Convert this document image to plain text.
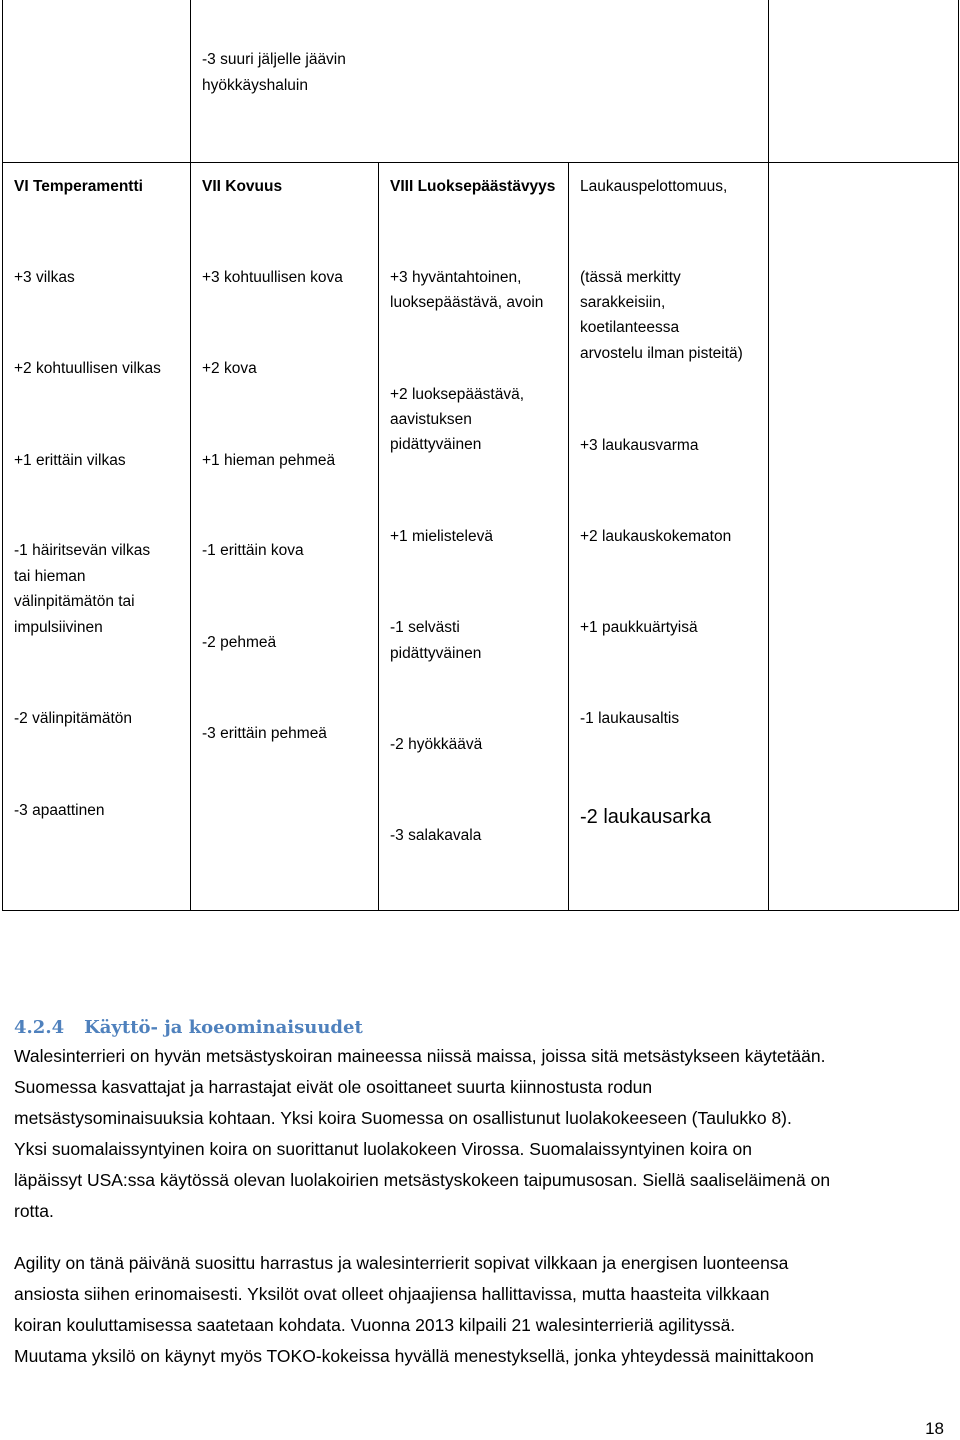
-3 suuri jäljelle jäävin
hyökkäyshaluin
VI Temperamentti	VII Kovuus	VIII Luoksepäästävyys Laukauspelottomuus,
+3 vilkas
+2 kohtuullisen vilkas
+1 erittäin vilkas
-1 häiritsevän vilkas
tai hieman
välinpitämätön tai
impulsiivinen
-2 välinpitämätön
-3 apaattinen
+3 kohtuullisen kova
+2 kova
+1 hieman pehmeä
-1 erittäin kova
-2 pehmeä
-3 erittäin pehmeä
+3 hyväntahtoinen,
luoksepäästävä, avoin
+2 luoksepäästävä,
aavistuksen
pidättyväinen
+1 mielistelevä
-1 selvästi
pidättyväinen
-2 hyökkäävä
-3 salakavala
(tässä merkitty
sarakkeisiin,
koetilanteessa
arvostelu ilman pisteitä)
+3 laukausvarma
+2 laukauskokematon
+1 paukkuärtyisä
-1 laukausaltis
-2 laukausarka
4.2.4 Käyttö- ja koeominaisuudet
Walesinterrieri on hyvän metsästyskoiran maineessa niissä maissa, joissa sitä metsästykseen käytetään.
Suomessa kasvattajat ja harrastajat eivät ole osoittaneet suurta kiinnostusta rodun
metsästysominaisuuksia kohtaan. Yksi koira Suomessa on osallistunut luolakokeeseen (Taulukko 8).
Yksi suomalaissyntyinen koira on suorittanut luolakokeen Virossa. Suomalaissyntyinen koira on
läpäissyt USA:ssa käytössä olevan luolakoirien metsästyskokeen taipumusosan. Siellä saaliseläimenä on
rotta.
Agility on tänä päivänä suosittu harrastus ja walesinterrierit sopivat vilkkaan ja energisen luonteensa
ansiosta siihen erinomaisesti. Yksilöt ovat olleet ohjaajiensa hallittavissa, mutta haasteita vilkkaan
koiran kouluttamisessa saatetaan kohdata. Vuonna 2013 kilpaili 21 walesinterrieriä agilityssä.
Muutama yksilö on käynyt myös TOKO-kokeissa hyvällä menestyksellä, jonka yhteydessä mainittakoon
18
